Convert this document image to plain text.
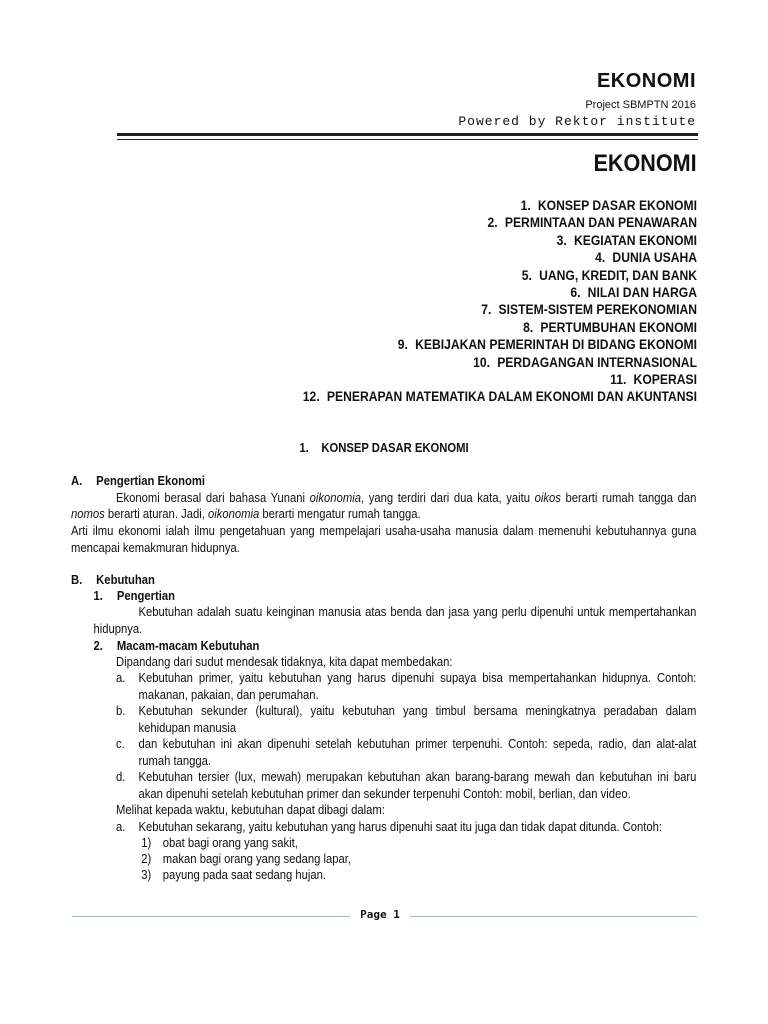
EKONOMI
Project SBMPTN 2016
Powered by Rektor institute
EKONOMI
1. KONSEP DASAR EKONOMI
2. PERMINTAAN DAN PENAWARAN
3. KEGIATAN EKONOMI
4. DUNIA USAHA
5. UANG, KREDIT, DAN BANK
6. NILAI DAN HARGA
7. SISTEM-SISTEM PEREKONOMIAN
8. PERTUMBUHAN EKONOMI
9. KEBIJAKAN PEMERINTAH DI BIDANG EKONOMI
10. PERDAGANGAN INTERNASIONAL
11. KOPERASI
12. PENERAPAN MATEMATIKA DALAM EKONOMI DAN AKUNTANSI
1. KONSEP DASAR EKONOMI
A. Pengertian Ekonomi
Ekonomi berasal dari bahasa Yunani oikonomia, yang terdiri dari dua kata, yaitu oikos berarti rumah tangga dan
nomos berarti aturan. Jadi, oikonomia berarti mengatur rumah tangga.
Arti ilmu ekonomi ialah ilmu pengetahuan yang mempelajari usaha-usaha manusia dalam memenuhi kebutuhannya guna
mencapai kemakmuran hidupnya.
B. Kebutuhan
1. Pengertian
Kebutuhan adalah suatu keinginan manusia atas benda dan jasa yang perlu dipenuhi untuk mempertahankan
hidupnya.
2. Macam-macam Kebutuhan
Dipandang dari sudut mendesak tidaknya, kita dapat membedakan:
a. Kebutuhan primer, yaitu kebutuhan yang harus dipenuhi supaya bisa mempertahankan hidupnya. Contoh:
makanan, pakaian, dan perumahan.
b. Kebutuhan sekunder (kultural), yaitu kebutuhan yang timbul bersama meningkatnya peradaban dalam
kehidupan manusia
c. dan kebutuhan ini akan dipenuhi setelah kebutuhan primer terpenuhi. Contoh: sepeda, radio, dan alat-alat
rumah tangga.
d. Kebutuhan tersier (lux, mewah) merupakan kebutuhan akan barang-barang mewah dan kebutuhan ini baru
akan dipenuhi setelah kebutuhan primer dan sekunder terpenuhi Contoh: mobil, berlian, dan video.
Melihat kepada waktu, kebutuhan dapat dibagi dalam:
a. Kebutuhan sekarang, yaitu kebutuhan yang harus dipenuhi saat itu juga dan tidak dapat ditunda. Contoh:
1) obat bagi orang yang sakit,
2) makan bagi orang yang sedang lapar,
3) payung pada saat sedang hujan.
Page 1
